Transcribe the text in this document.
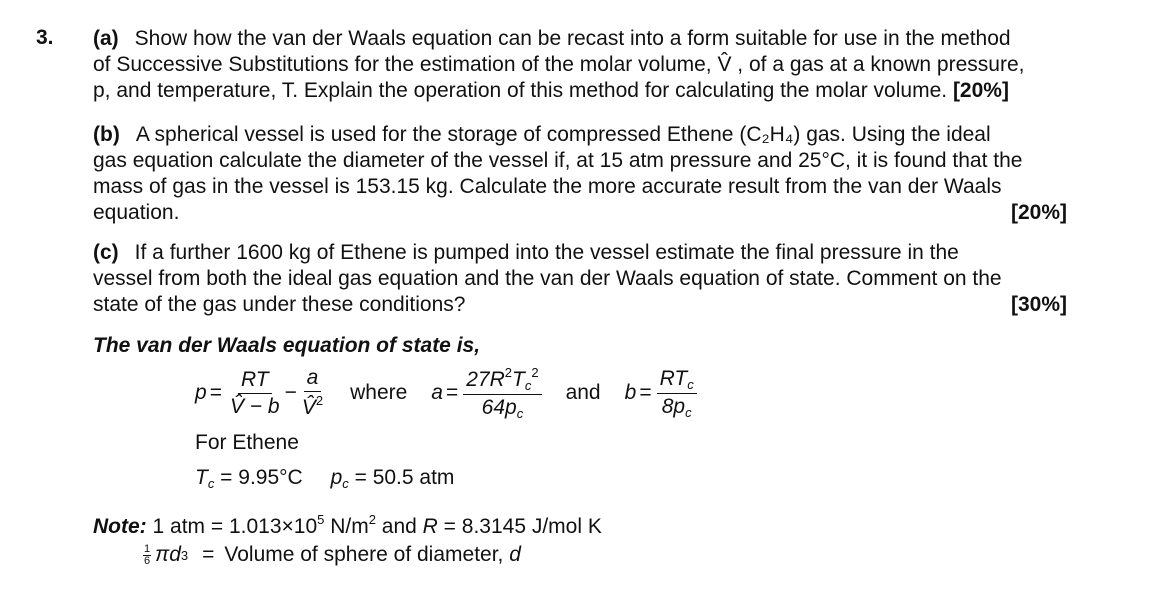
3. (a) Show how the van der Waals equation can be recast into a form suitable for use in the method
of Successive Substitutions for the estimation of the molar volume, V̂ , of a gas at a known pressure,
p, and temperature, T. Explain the operation of this method for calculating the molar volume. [20%]
(b) A spherical vessel is used for the storage of compressed Ethene (C₂H₄) gas. Using the ideal
gas equation calculate the diameter of the vessel if, at 15 atm pressure and 25°C, it is found that the
mass of gas in the vessel is 153.15 kg. Calculate the more accurate result from the van der Waals
equation.	[20%]
(c) If a further 1600 kg of Ethene is pumped into the vessel estimate the final pressure in the
vessel from both the ideal gas equation and the van der Waals equation of state. Comment on the
state of the gas under these conditions?	[30%]
The van der Waals equation of state is,
$p = \frac{RT}{V̂ - b} - \frac{a}{V̂^2}$ where $a = \frac{27R^2T_c^2}{64p_c}$ and $b = \frac{RT_c}{8p_c}$
For Ethene
$T_c = 9.95^\circ C$ $p_c = 50.5$ atm
Note: 1 atm = $1.013\times 10^5$ $N/m^2$ and R = 8.3145 J/mol K
$\frac{1}{6}$ πd 3 = Volume of sphere of diameter,
d
